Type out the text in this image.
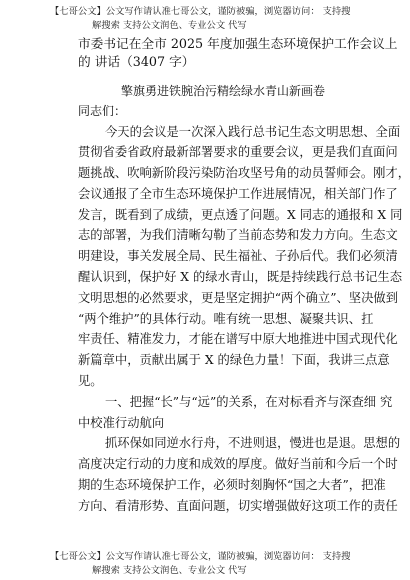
【七哥公文】公文写作请认准七哥公文，谨防被骗，浏览器访问： 支持搜
解搜索 支持公文润色、专业公文 代写
市委书记在全市 2025 年度加强生态环境保护工作会议上
的 讲话（3407 字）
擎旗勇进铁腕治污精绘绿水青山新画卷
同志们：
今天的会议是一次深入践行总书记生态文明思想、全面
贯彻省委省政府最新部署要求的重要会议，更是我们直面问
题挑战、吹响新阶段污染防治攻坚号角的动员誓师会。刚才，
会议通报了全市生态环境保护工作进展情况，相关部门作了
发言，既看到了成绩，更点透了问题。X 同志的通报和 X 同
志的部署，为我们清晰勾勒了当前态势和发力方向。生态文
明建设，事关发展全局、民生福祉、子孙后代。我们必须清
醒认识到，保护好 X 的绿水青山，既是持续践行总书记生态
文明思想的必然要求，更是坚定拥护“两个确立”、坚决做到
“两个维护”的具体行动。唯有统一思想、凝聚共识、扛
牢责任、精准发力，才能在谱写中原大地推进中国式现代化
新篇章中，贡献出属于 X 的绿色力量！下面，我讲三点意
见。
一、把握“长”与“远”的关系，在对标看齐与深查细 究
中校准行动航向
抓环保如同逆水行舟，不进则退，慢进也是退。思想的
高度决定行动的力度和成效的厚度。做好当前和今后一个时
期的生态环境保护工作，必须时刻胸怀“国之大者”，把准
方向、看清形势、直面问题，切实增强做好这项工作的责任
【七哥公文】公文写作请认准七哥公文，谨防被骗，浏览器访问： 支持搜
解搜索 支持公文润色、专业公文 代写
